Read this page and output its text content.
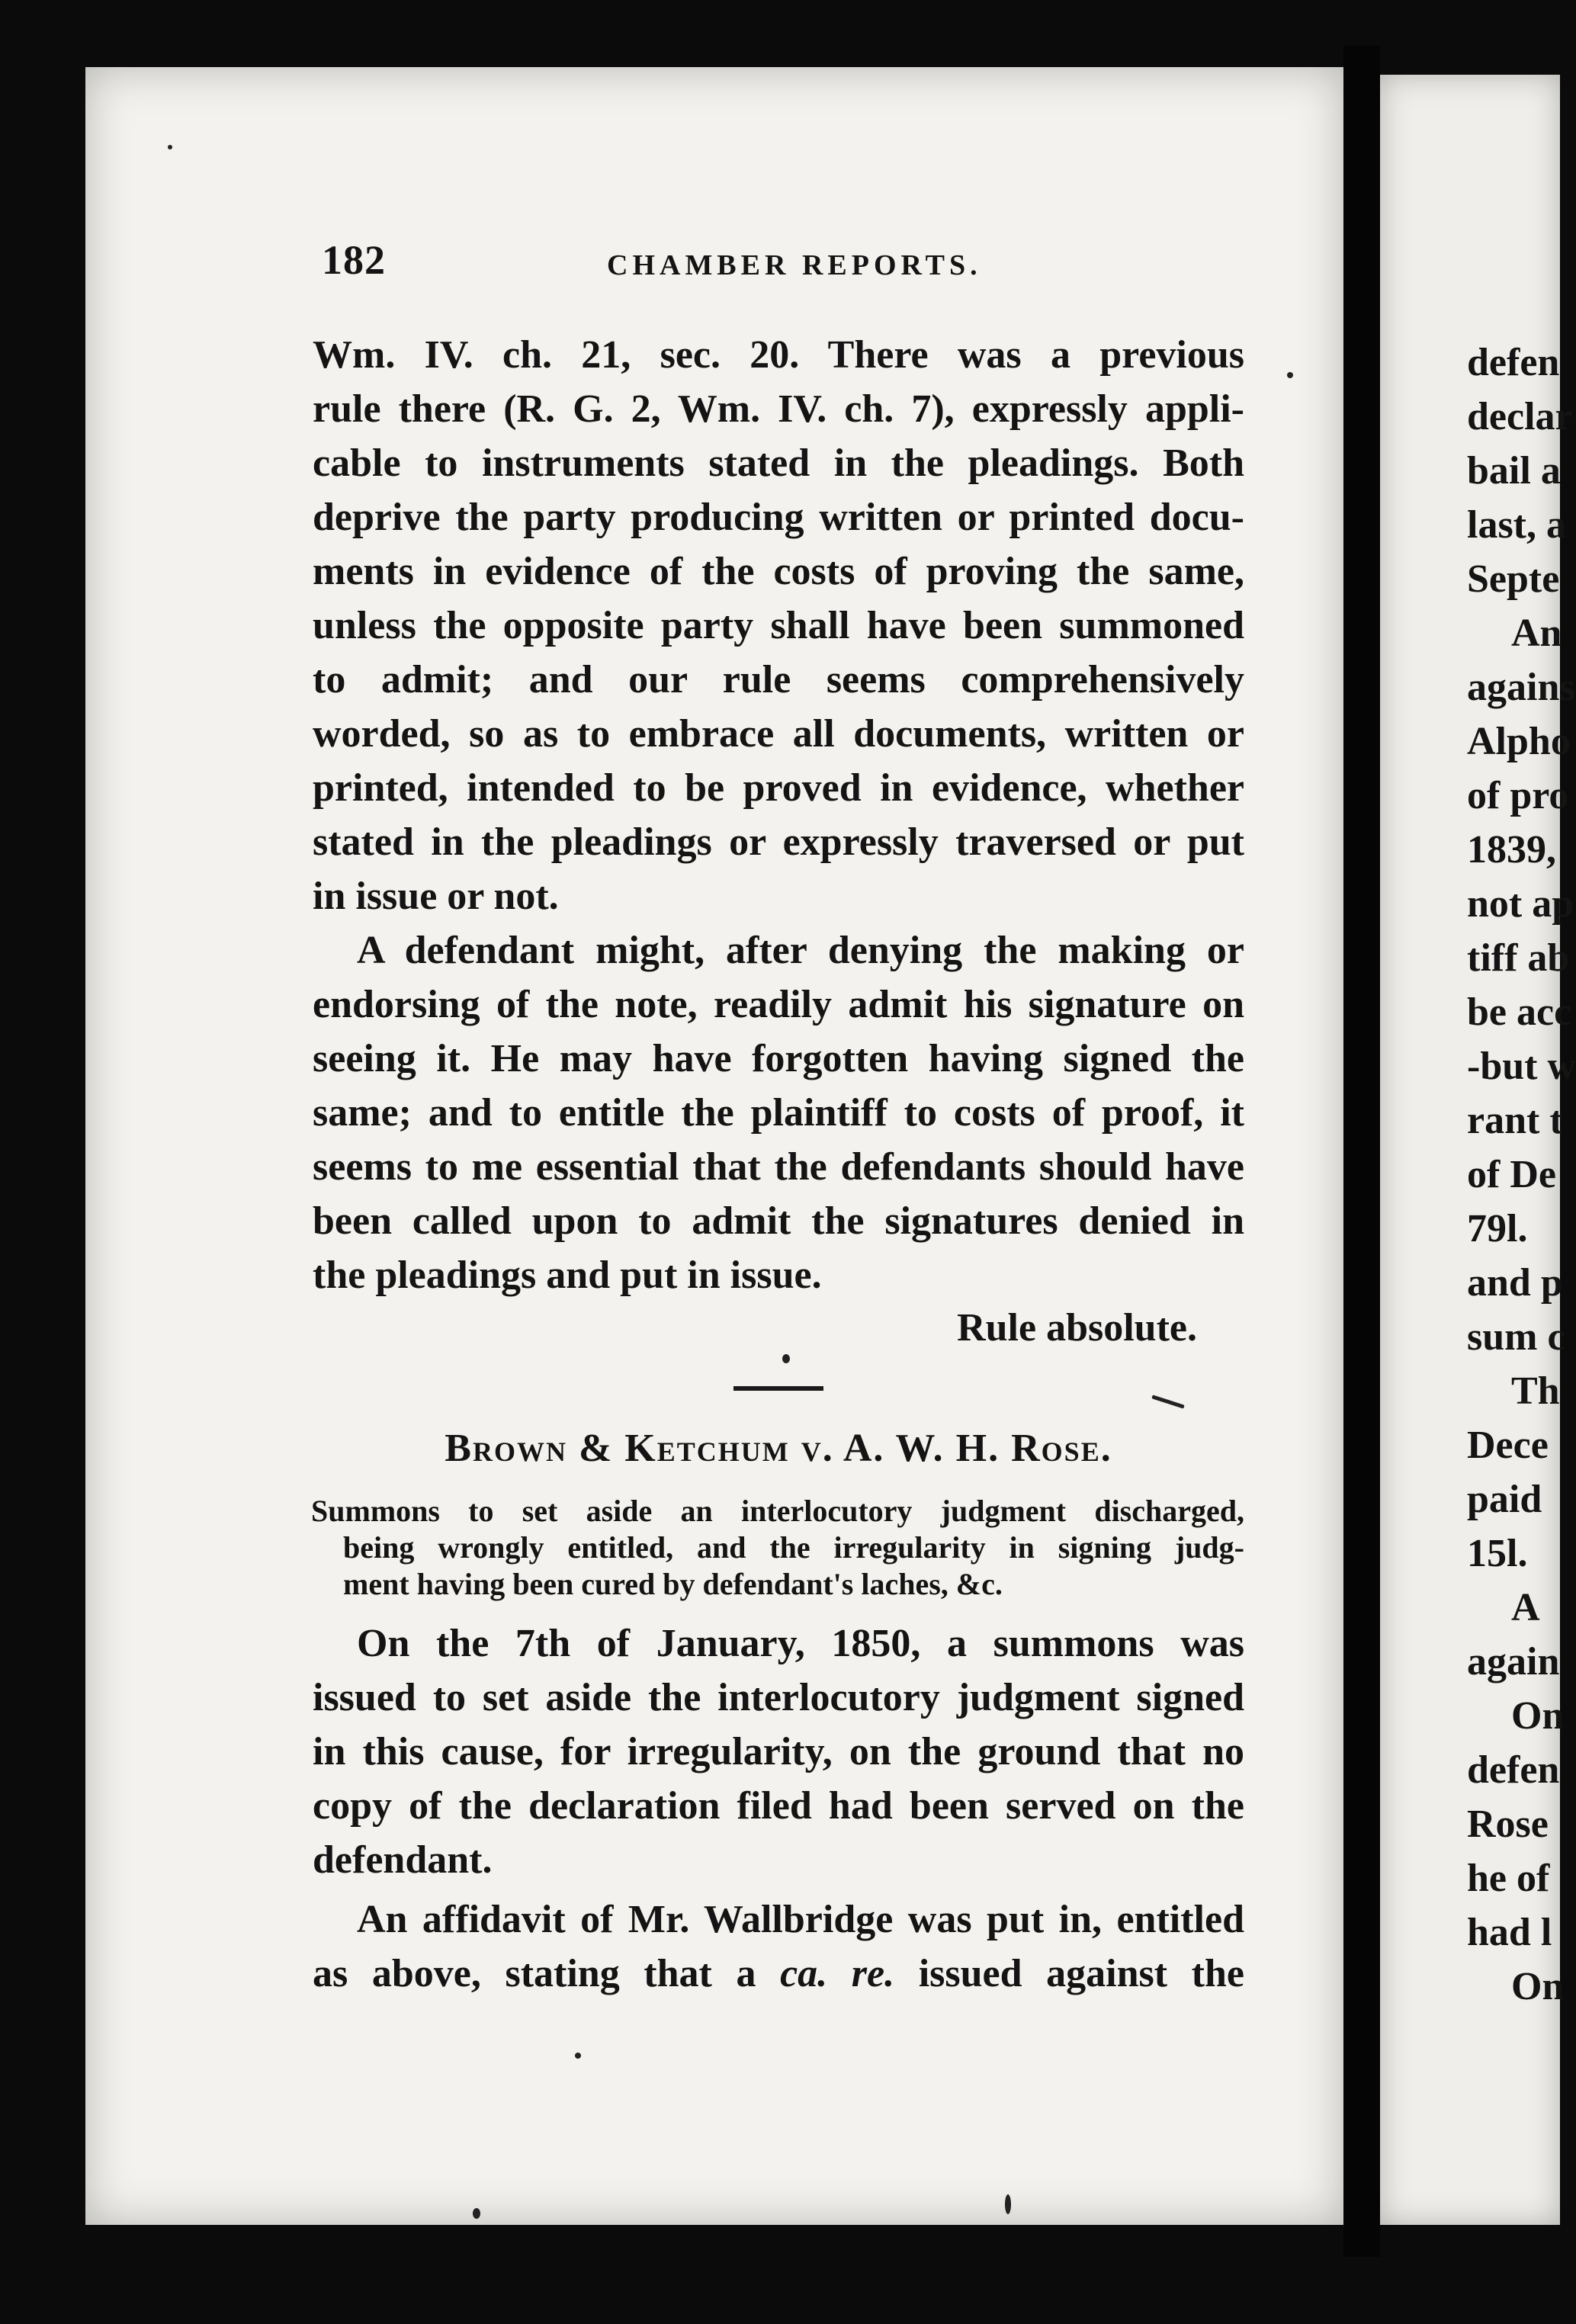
182	CHAMBER REPORTS.
Wm. IV. ch. 21, sec. 20. There was a previous
rule there (R. G. 2, Wm. IV. ch. 7), expressly appli-
cable to instruments stated in the pleadings. Both
deprive the party producing written or printed docu-
ments in evidence of the costs of proving the same,
unless the opposite party shall have been summoned
to admit; and our rule seems comprehensively
worded, so as to embrace all documents, written or
printed, intended to be proved in evidence, whether
stated in the pleadings or expressly traversed or put
in issue or not.
A defendant might, after denying the making or
endorsing of the note, readily admit his signature on
seeing it. He may have forgotten having signed the
same; and to entitle the plaintiff to costs of proof, it
seems to me essential that the defendants should have
been called upon to admit the signatures denied in
the pleadings and put in issue.
Rule absolute.
Brown & Ketchum v. A. W. H. Rose.
Summons to set aside an interlocutory judgment discharged,
being wrongly entitled, and the irregularity in signing judg-
ment having been cured by defendant's laches, &c.
On the 7th of January, 1850, a summons was
issued to set aside the interlocutory judgment signed
in this cause, for irregularity, on the ground that no
copy of the declaration filed had been served on the
defendant.
An affidavit of Mr. Wallbridge was put in, entitled
as above, stating that a ca. re. issued against the
defen
declar
bail a
last, a
Septe
An
agains
Alpho
of pro
1839,
not ap
tiff ab
be acc
-but w
rant t
of De
79l.
and p
sum c
Th
Dece
paid
15l.
A
again
On
defen
Rose
he of
had l
On
